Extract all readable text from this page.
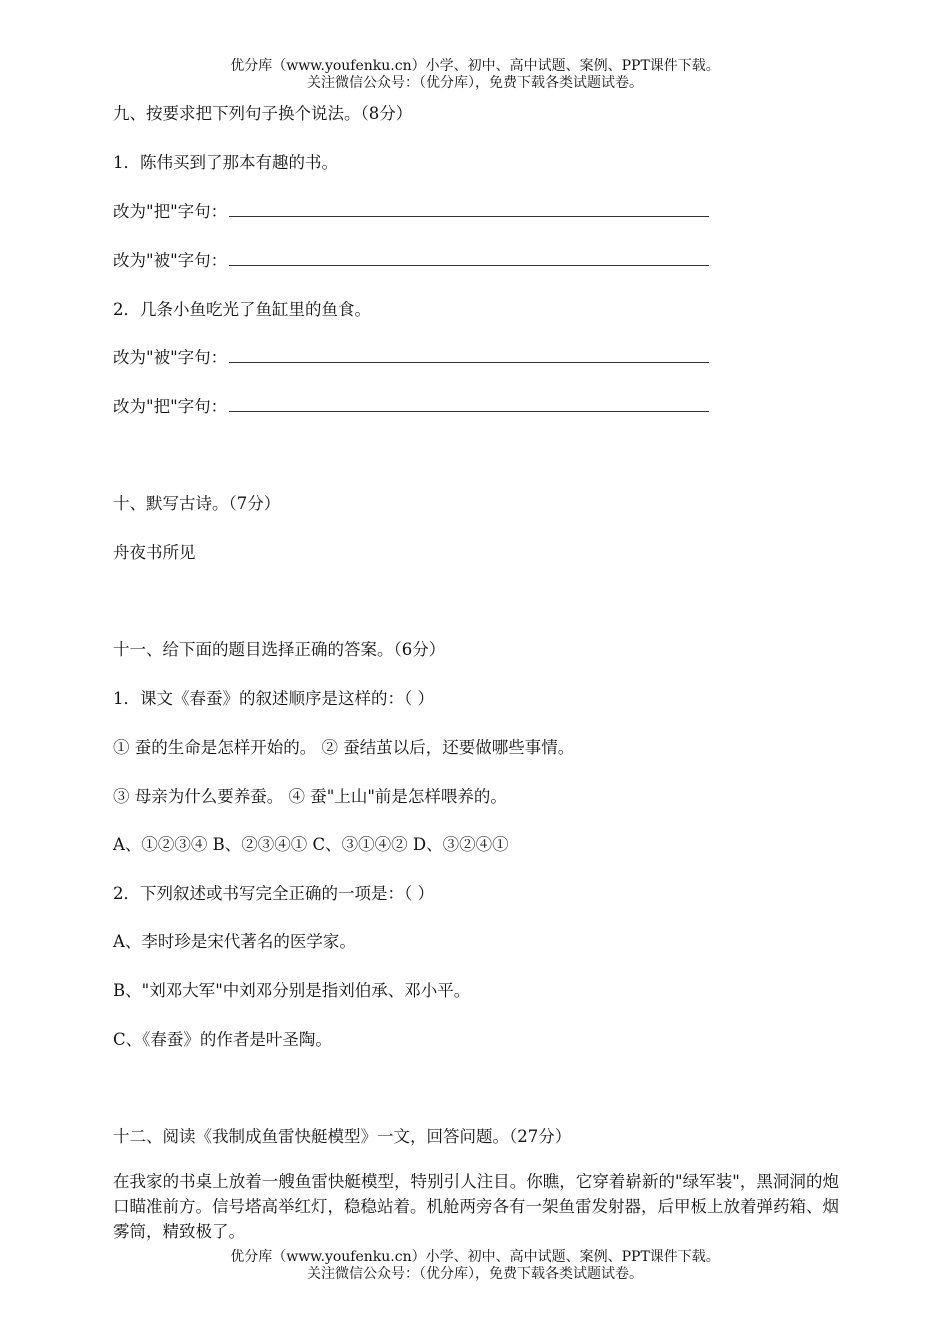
优分库（www.youfenku.cn）小学、初中、高中试题、案例、PPT课件下载。
关注微信公众号：（优分库），免费下载各类试题试卷。
九、按要求把下列句子换个说法。（8分）
1．陈伟买到了那本有趣的书。
改为"把"字句：
改为"被"字句：
2．几条小鱼吃光了鱼缸里的鱼食。
改为"被"字句：
改为"把"字句：
十、默写古诗。（7分）
舟夜书所见
十一、给下面的题目选择正确的答案。（6分）
1．课文《春蚕》的叙述顺序是这样的：（ ）
① 蚕的生命是怎样开始的。 ② 蚕结茧以后，还要做哪些事情。
③ 母亲为什么要养蚕。 ④ 蚕"上山"前是怎样喂养的。
A、①②③④ B、②③④① C、③①④② D、③②④①
2．下列叙述或书写完全正确的一项是：（ ）
A、李时珍是宋代著名的医学家。
B、"刘邓大军"中刘邓分别是指刘伯承、邓小平。
C、《春蚕》的作者是叶圣陶。
十二、阅读《我制成鱼雷快艇模型》一文，回答问题。（27分）
在我家的书桌上放着一艘鱼雷快艇模型，特别引人注目。你瞧，它穿着崭新的"绿军装"，黑洞洞的炮口瞄准前方。信号塔高举红灯，稳稳站着。机舱两旁各有一架鱼雷发射器，后甲板上放着弹药箱、烟雾筒，精致极了。
优分库（www.youfenku.cn）小学、初中、高中试题、案例、PPT课件下载。
关注微信公众号：（优分库），免费下载各类试题试卷。
